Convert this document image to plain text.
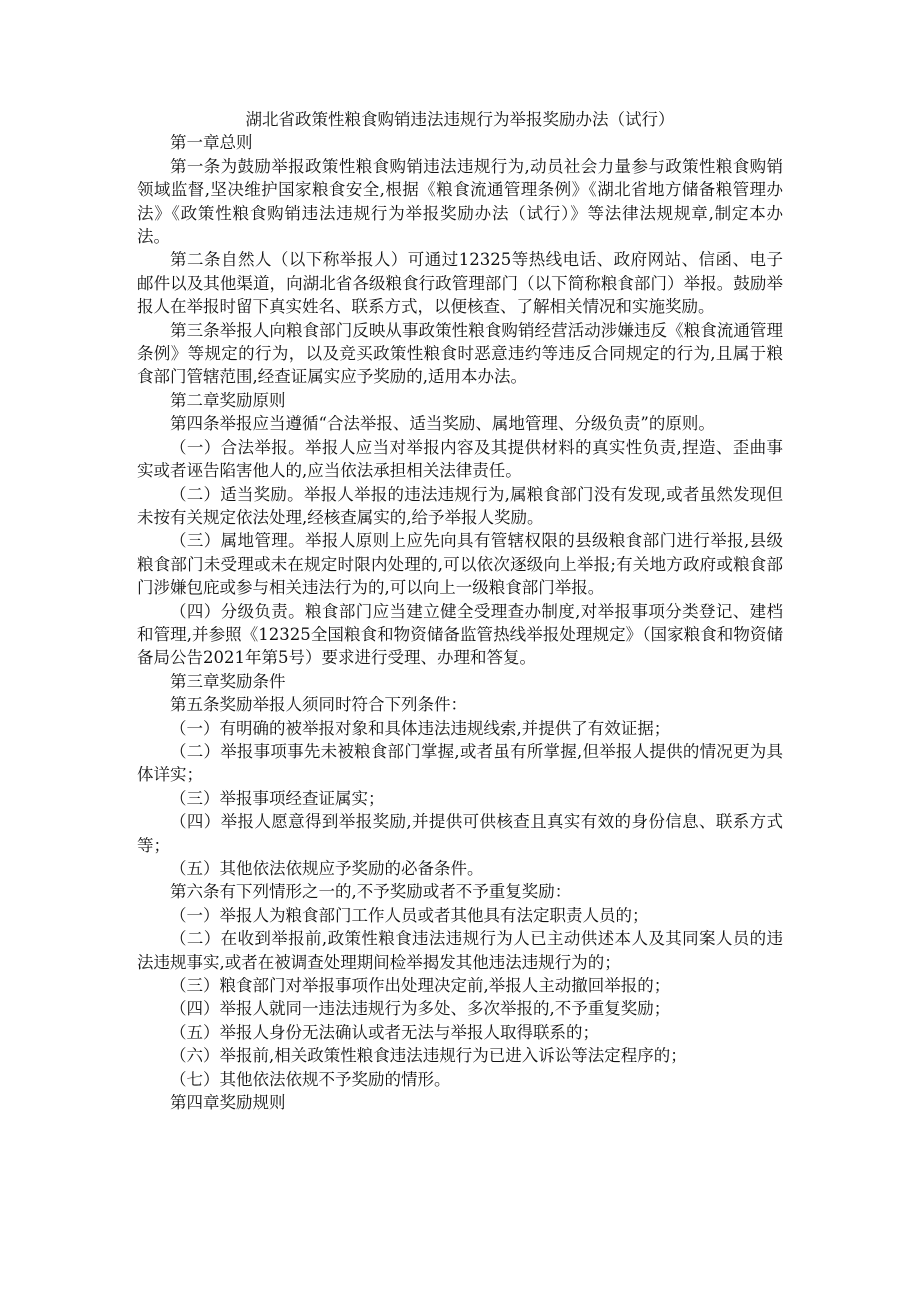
湖北省政策性粮食购销违法违规行为举报奖励办法（试行）

第一章总则

第一条为鼓励举报政策性粮食购销违法违规行为,动员社会力量参与政策性粮食购销领域监督,坚决维护国家粮食安全,根据《粮食流通管理条例》《湖北省地方储备粮管理办法》《政策性粮食购销违法违规行为举报奖励办法（试行）》等法律法规规章,制定本办法。

第二条自然人（以下称举报人）可通过12325等热线电话、政府网站、信函、电子邮件以及其他渠道，向湖北省各级粮食行政管理部门（以下简称粮食部门）举报。鼓励举报人在举报时留下真实姓名、联系方式，以便核查、了解相关情况和实施奖励。

第三条举报人向粮食部门反映从事政策性粮食购销经营活动涉嫌违反《粮食流通管理条例》等规定的行为，以及竞买政策性粮食时恶意违约等违反合同规定的行为,且属于粮食部门管辖范围,经查证属实应予奖励的,适用本办法。

第二章奖励原则

第四条举报应当遵循“合法举报、适当奖励、属地管理、分级负责”的原则。

（一）合法举报。举报人应当对举报内容及其提供材料的真实性负责,捏造、歪曲事实或者诬告陷害他人的,应当依法承担相关法律责任。

（二）适当奖励。举报人举报的违法违规行为,属粮食部门没有发现,或者虽然发现但未按有关规定依法处理,经核查属实的,给予举报人奖励。

（三）属地管理。举报人原则上应先向具有管辖权限的县级粮食部门进行举报,县级粮食部门未受理或未在规定时限内处理的,可以依次逐级向上举报;有关地方政府或粮食部门涉嫌包庇或参与相关违法行为的,可以向上一级粮食部门举报。

（四）分级负责。粮食部门应当建立健全受理查办制度,对举报事项分类登记、建档和管理,并参照《12325全国粮食和物资储备监管热线举报处理规定》（国家粮食和物资储备局公告2021年第5号）要求进行受理、办理和答复。

第三章奖励条件

第五条奖励举报人须同时符合下列条件：

（一）有明确的被举报对象和具体违法违规线索,并提供了有效证据；

（二）举报事项事先未被粮食部门掌握,或者虽有所掌握,但举报人提供的情况更为具体详实；

（三）举报事项经查证属实；

（四）举报人愿意得到举报奖励,并提供可供核查且真实有效的身份信息、联系方式等；

（五）其他依法依规应予奖励的必备条件。

第六条有下列情形之一的,不予奖励或者不予重复奖励：

（一）举报人为粮食部门工作人员或者其他具有法定职责人员的；

（二）在收到举报前,政策性粮食违法违规行为人已主动供述本人及其同案人员的违法违规事实,或者在被调查处理期间检举揭发其他违法违规行为的；

（三）粮食部门对举报事项作出处理决定前,举报人主动撤回举报的；

（四）举报人就同一违法违规行为多处、多次举报的,不予重复奖励；

（五）举报人身份无法确认或者无法与举报人取得联系的；

（六）举报前,相关政策性粮食违法违规行为已进入诉讼等法定程序的；

（七）其他依法依规不予奖励的情形。

第四章奖励规则
